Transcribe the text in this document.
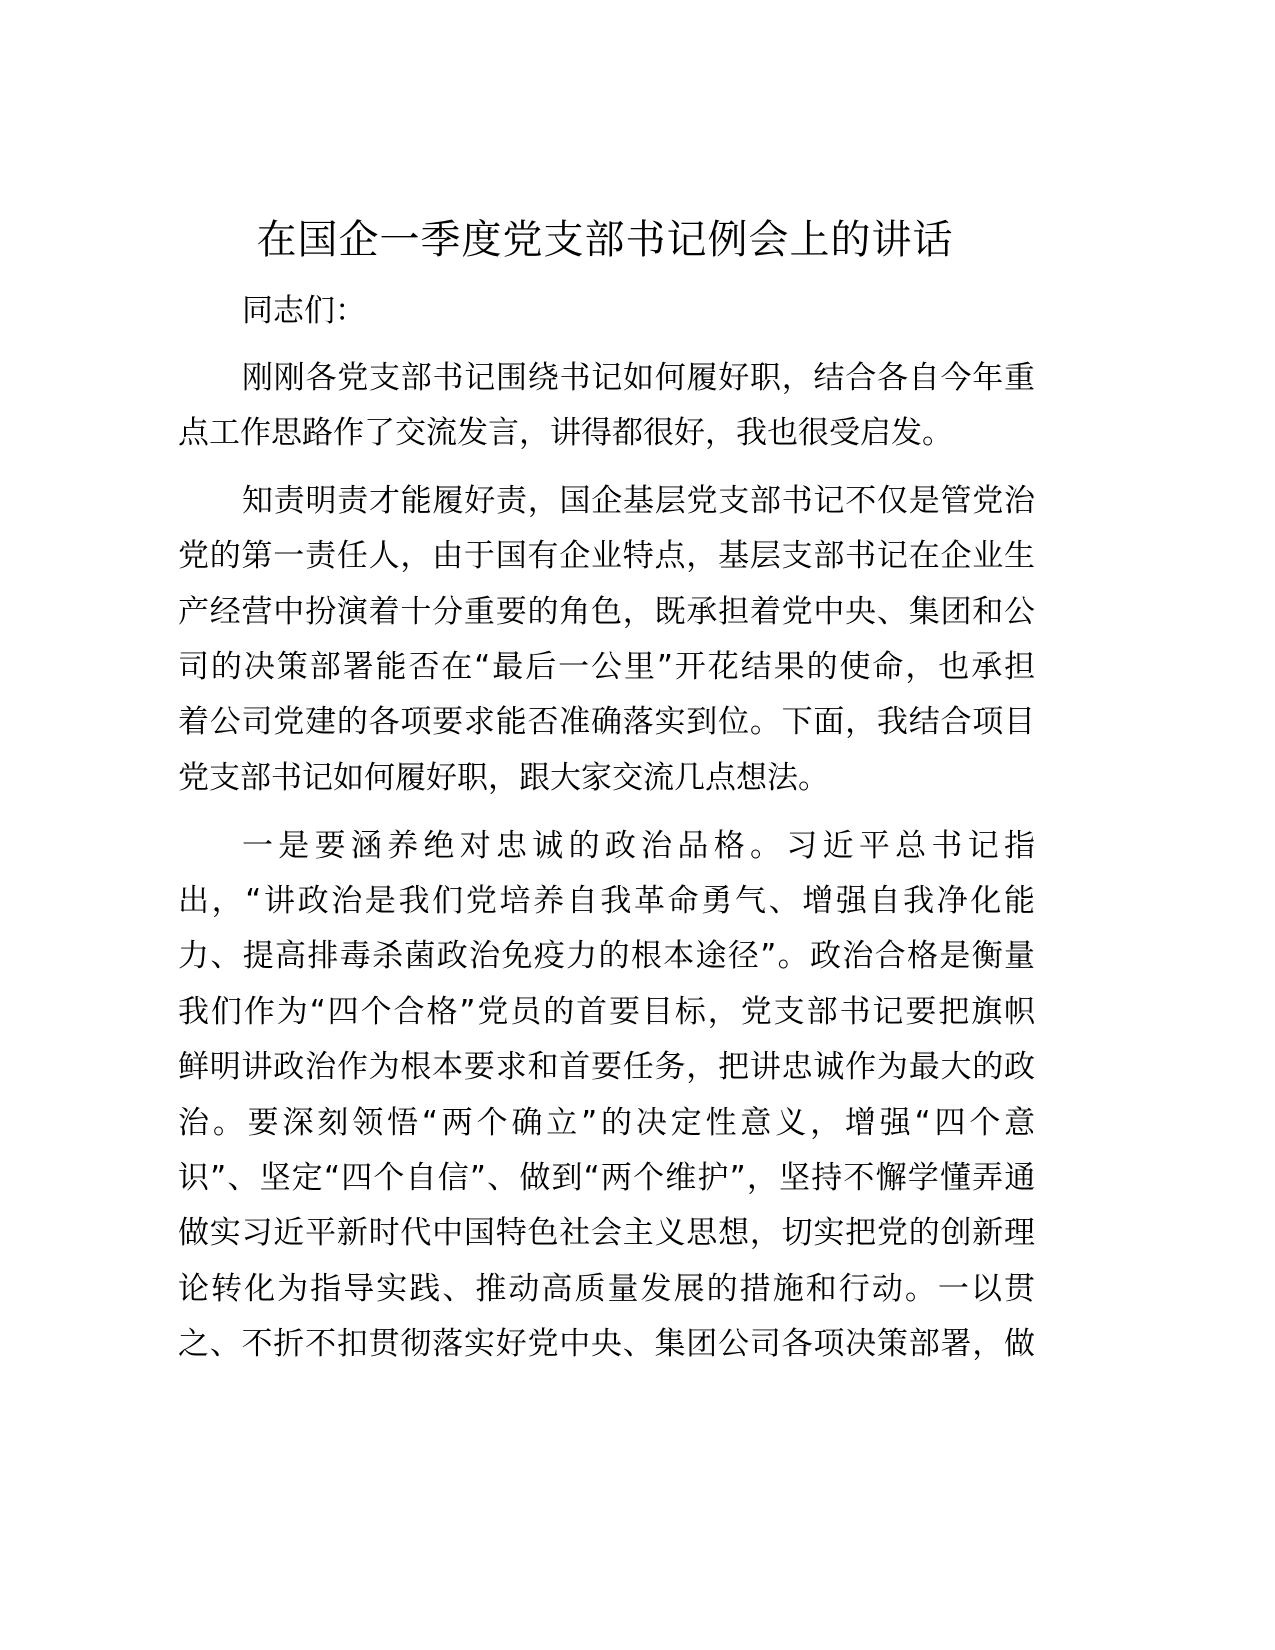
在国企一季度党支部书记例会上的讲话
同志们：
刚刚各党支部书记围绕书记如何履好职，结合各自今年重
点工作思路作了交流发言，讲得都很好，我也很受启发。
知责明责才能履好责，国企基层党支部书记不仅是管党治
党的第一责任人，由于国有企业特点，基层支部书记在企业生
产经营中扮演着十分重要的角色，既承担着党中央、集团和公
司的决策部署能否在“最后一公里”开花结果的使命，也承担
着公司党建的各项要求能否准确落实到位。下面，我结合项目
党支部书记如何履好职，跟大家交流几点想法。
一是要涵养绝对忠诚的政治品格。习近平总书记指
出，“讲政治是我们党培养自我革命勇气、增强自我净化能
力、提高排毒杀菌政治免疫力的根本途径”。政治合格是衡量
我们作为“四个合格”党员的首要目标，党支部书记要把旗帜
鲜明讲政治作为根本要求和首要任务，把讲忠诚作为最大的政
治。要深刻领悟“两个确立”的决定性意义，增强“四个意
识”、坚定“四个自信”、做到“两个维护”，坚持不懈学懂弄通
做实习近平新时代中国特色社会主义思想，切实把党的创新理
论转化为指导实践、推动高质量发展的措施和行动。一以贯
之、不折不扣贯彻落实好党中央、集团公司各项决策部署，做
